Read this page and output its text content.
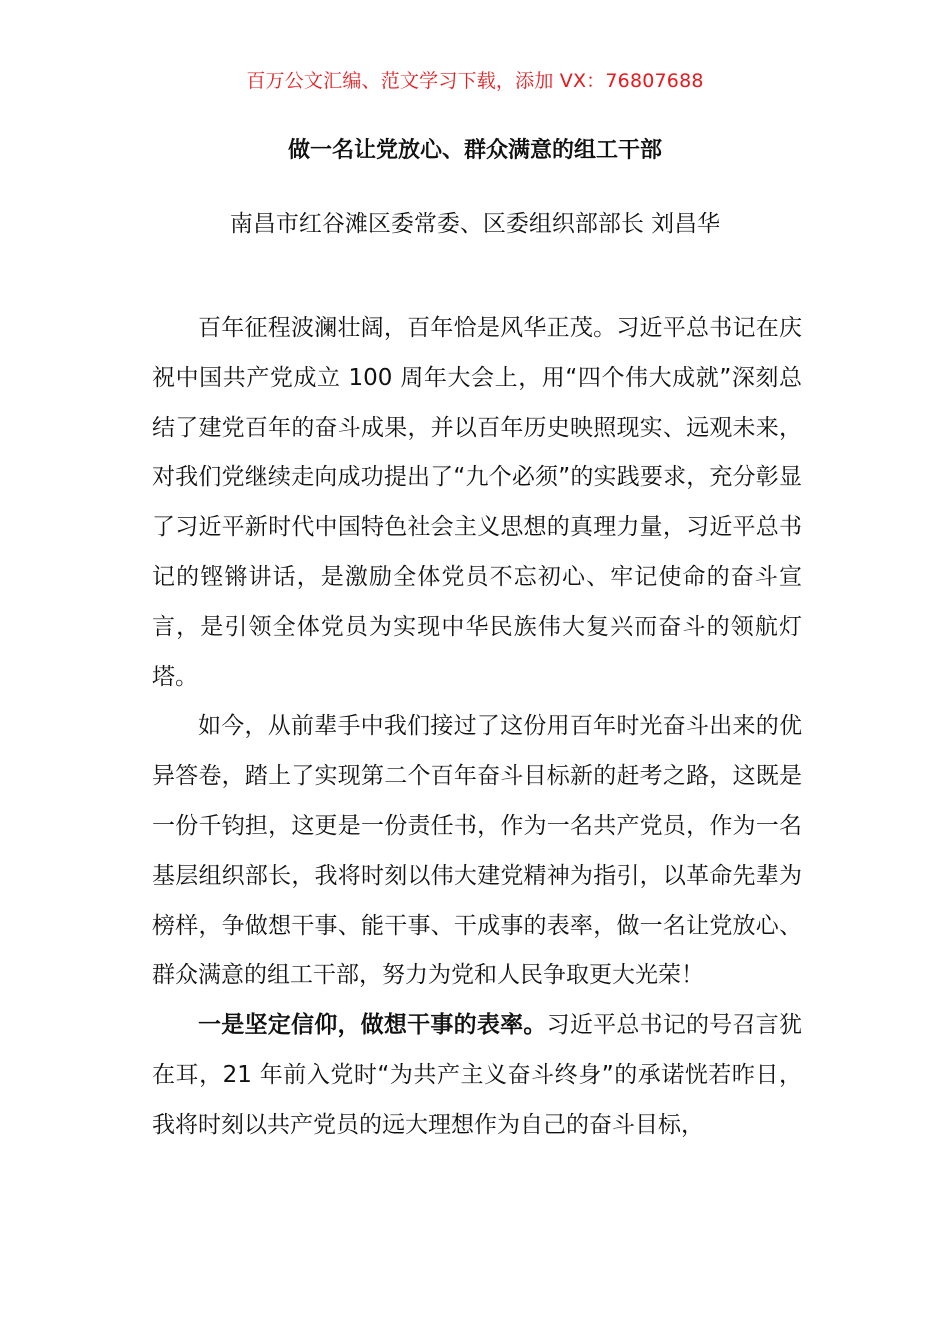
百万公文汇编、范文学习下载，添加 VX：76807688
做一名让党放心、群众满意的组工干部
南昌市红谷滩区委常委、区委组织部部长 刘昌华

百年征程波澜壮阔，百年恰是风华正茂。习近平总书记在庆祝中国共产党成立 100 周年大会上，用“四个伟大成就”深刻总结了建党百年的奋斗成果，并以百年历史映照现实、远观未来，对我们党继续走向成功提出了“九个必须”的实践要求，充分彰显了习近平新时代中国特色社会主义思想的真理力量，习近平总书记的铿锵讲话，是激励全体党员不忘初心、牢记使命的奋斗宣言，是引领全体党员为实现中华民族伟大复兴而奋斗的领航灯塔。

如今，从前辈手中我们接过了这份用百年时光奋斗出来的优异答卷，踏上了实现第二个百年奋斗目标新的赶考之路，这既是一份千钧担，这更是一份责任书，作为一名共产党员，作为一名基层组织部长，我将时刻以伟大建党精神为指引，以革命先辈为榜样，争做想干事、能干事、干成事的表率，做一名让党放心、群众满意的组工干部，努力为党和人民争取更大光荣！

一是坚定信仰，做想干事的表率。习近平总书记的号召言犹在耳，21 年前入党时“为共产主义奋斗终身”的承诺恍若昨日，我将时刻以共产党员的远大理想作为自己的奋斗目标，
